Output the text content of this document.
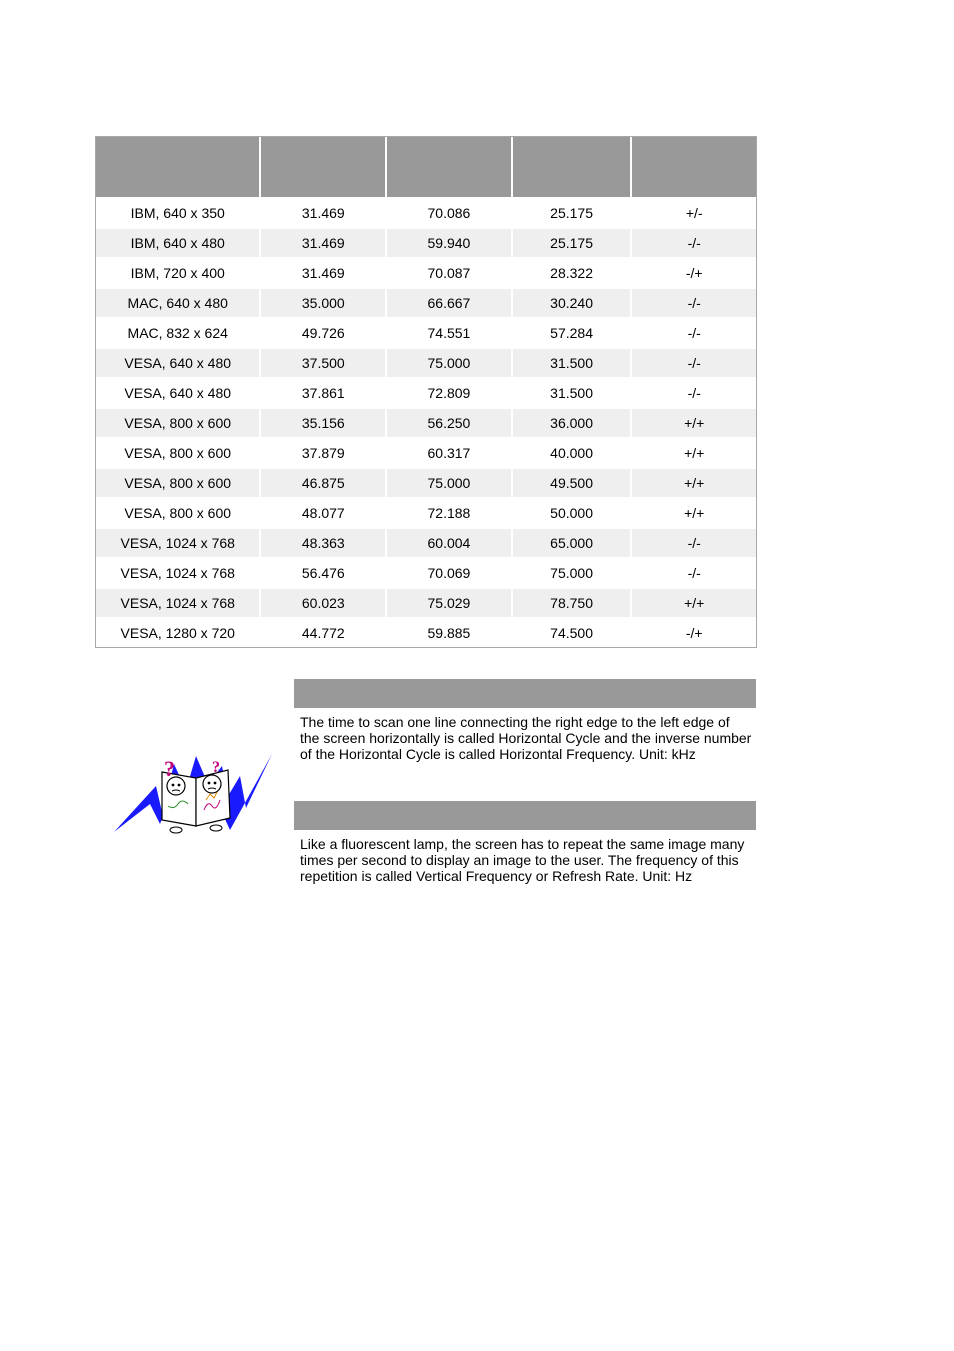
IBM, 640 x 350	31.469	70.086	25.175	+/-
IBM, 640 x 480	31.469	59.940	25.175	-/-
IBM, 720 x 400	31.469	70.087	28.322	-/+
MAC, 640 x 480	35.000	66.667	30.240	-/-
MAC, 832 x 624	49.726	74.551	57.284	-/-
VESA, 640 x 480	37.500	75.000	31.500	-/-
VESA, 640 x 480	37.861	72.809	31.500	-/-
VESA, 800 x 600	35.156	56.250	36.000	+/+
VESA, 800 x 600	37.879	60.317	40.000	+/+
VESA, 800 x 600	46.875	75.000	49.500	+/+
VESA, 800 x 600	48.077	72.188	50.000	+/+
VESA, 1024 x 768	48.363	60.004	65.000	-/-
VESA, 1024 x 768	56.476	70.069	75.000	-/-
VESA, 1024 x 768	60.023	75.029	78.750	+/+
VESA, 1280 x 720	44.772	59.885	74.500	-/+
The time to scan one line connecting the right edge to the left edge of the screen horizontally is called Horizontal Cycle and the inverse number of the Horizontal Cycle is called Horizontal Frequency. Unit: kHz
? ?
Like a fluorescent lamp, the screen has to repeat the same image many times per second to display an image to the user. The frequency of this repetition is called Vertical Frequency or Refresh Rate. Unit: Hz
